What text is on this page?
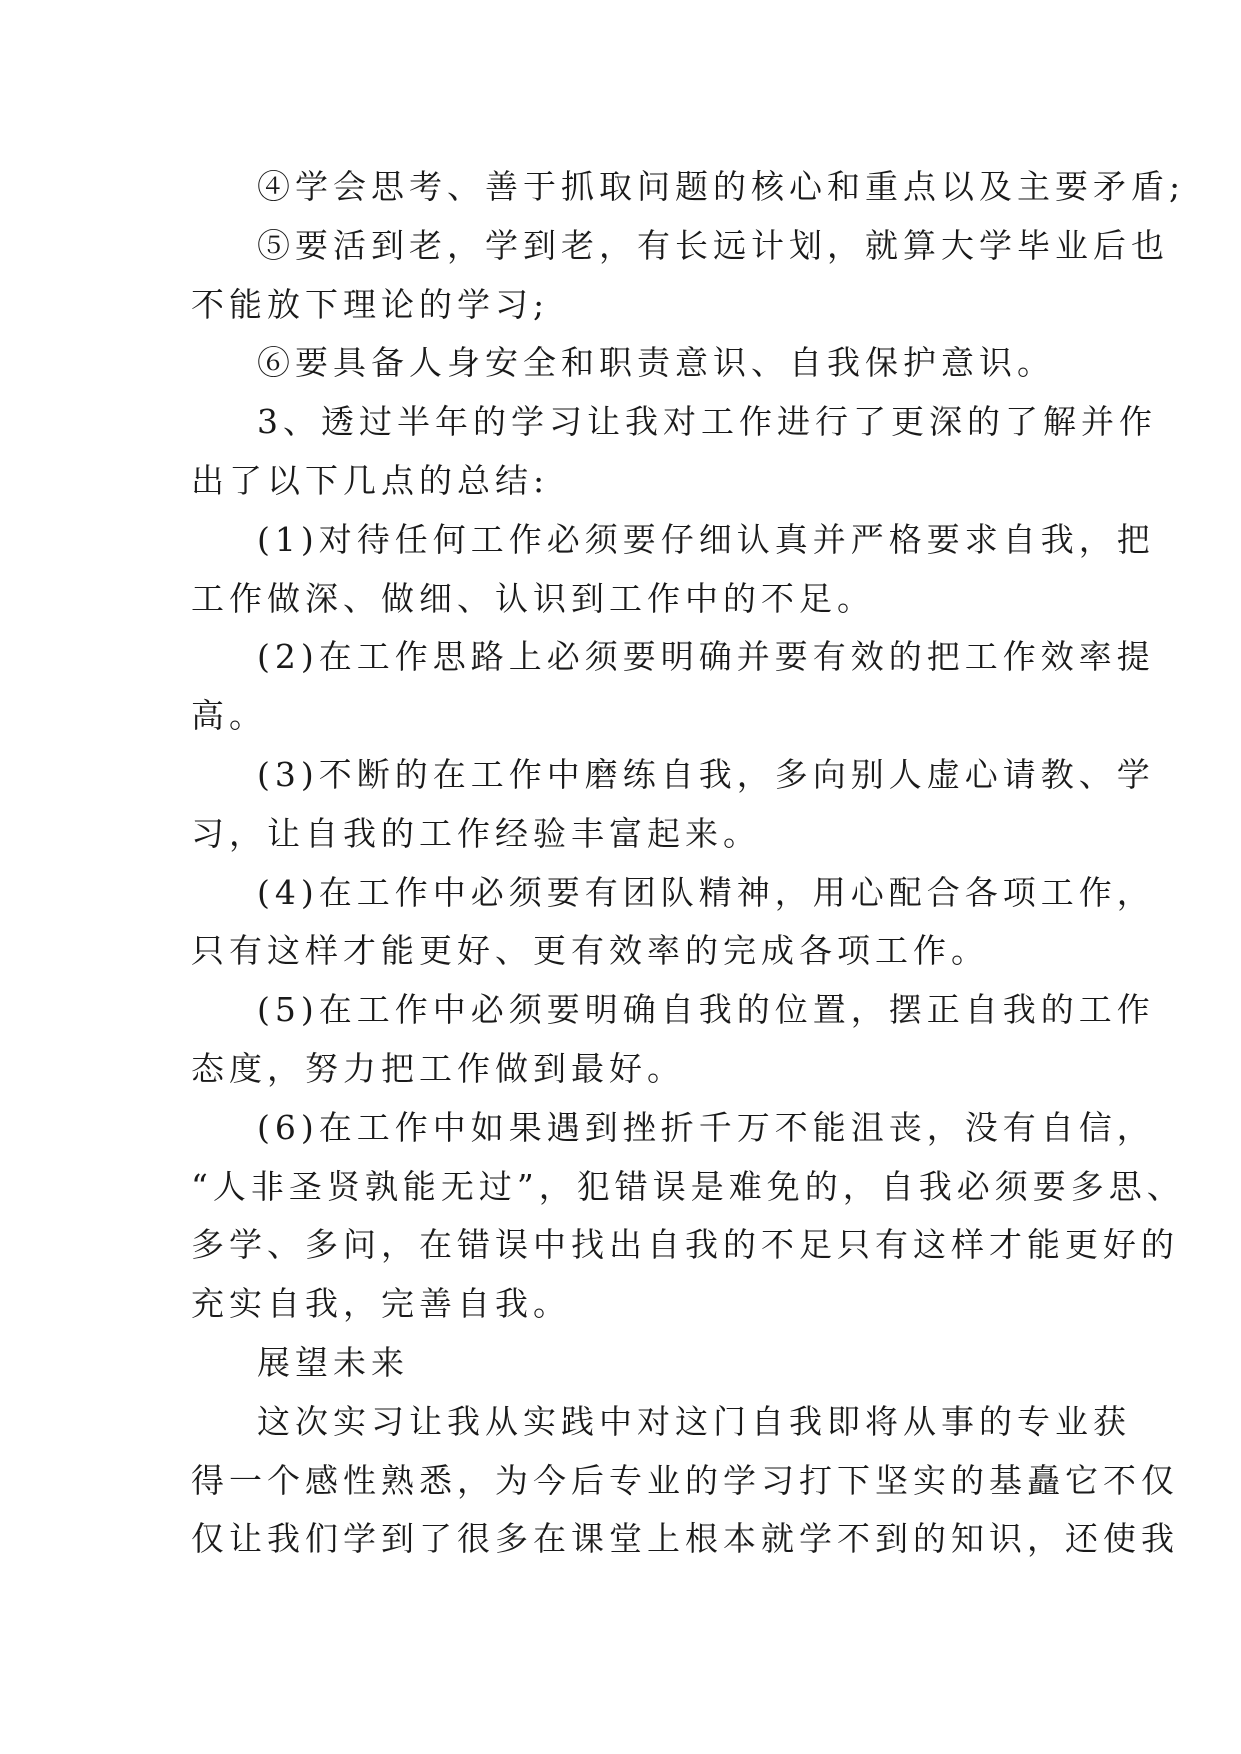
④学会思考、善于抓取问题的核心和重点以及主要矛盾;

⑤要活到老，学到老，有长远计划，就算大学毕业后也

不能放下理论的学习;

⑥要具备人身安全和职责意识、自我保护意识。

3、透过半年的学习让我对工作进行了更深的了解并作

出了以下几点的总结:

(1)对待任何工作必须要仔细认真并严格要求自我，把

工作做深、做细、认识到工作中的不足。

(2)在工作思路上必须要明确并要有效的把工作效率提

高。

(3)不断的在工作中磨练自我，多向别人虚心请教、学

习，让自我的工作经验丰富起来。

(4)在工作中必须要有团队精神，用心配合各项工作，

只有这样才能更好、更有效率的完成各项工作。

(5)在工作中必须要明确自我的位置，摆正自我的工作

态度，努力把工作做到最好。

(6)在工作中如果遇到挫折千万不能沮丧，没有自信，

“人非圣贤孰能无过”，犯错误是难免的，自我必须要多思、

多学、多问，在错误中找出自我的不足只有这样才能更好的

充实自我，完善自我。

展望未来

这次实习让我从实践中对这门自我即将从事的专业获

得一个感性熟悉，为今后专业的学习打下坚实的基矗它不仅

仅让我们学到了很多在课堂上根本就学不到的知识，还使我
